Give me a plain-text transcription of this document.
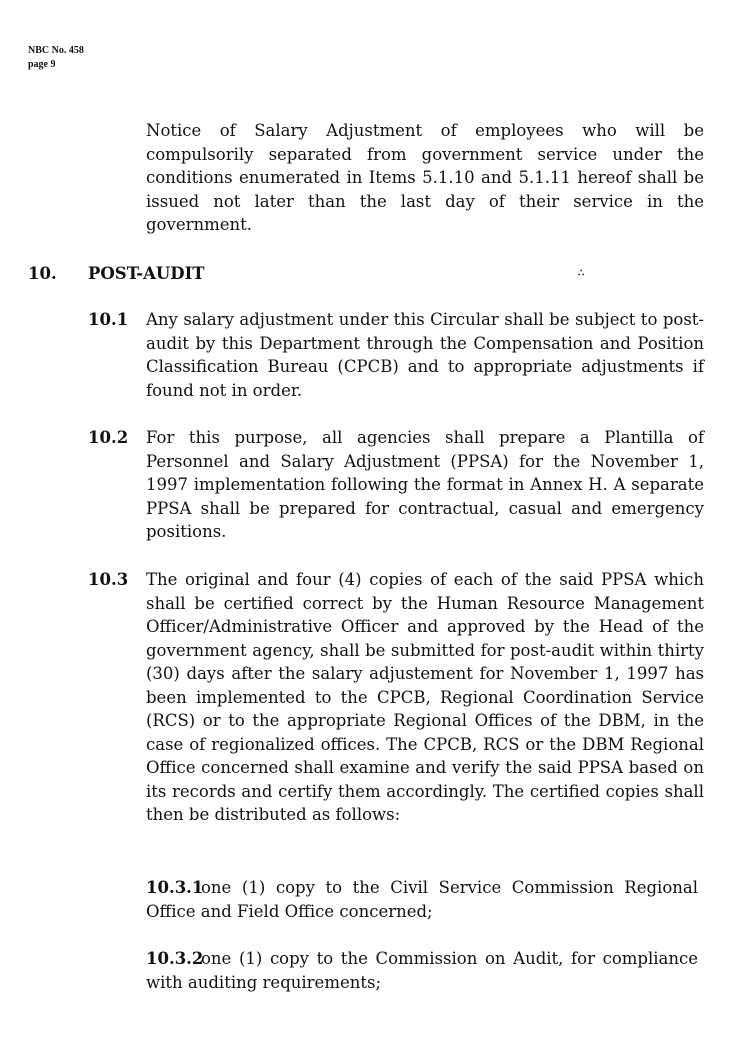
NBC No. 458
page 9
Notice of Salary Adjustment of employees who will be compulsorily separated from government service under the conditions enumerated in Items 5.1.10 and 5.1.11 hereof shall be issued not later than the last day of their service in the government.
10. POST-AUDIT	∴
10.1 Any salary adjustment under this Circular shall be subject to post-audit by this Department through the Compensation and Position Classification Bureau (CPCB) and to appropriate adjustments if found not in order.
10.2 For this purpose, all agencies shall prepare a Plantilla of Personnel and Salary Adjustment (PPSA) for the November 1, 1997 implementation following the format in Annex H. A separate PPSA shall be prepared for contractual, casual and emergency positions.
10.3 The original and four (4) copies of each of the said PPSA which shall be certified correct by the Human Resource Management Officer/Administrative Officer and approved by the Head of the government agency, shall be submitted for post-audit within thirty (30) days after the salary adjustement for November 1, 1997 has been implemented to the CPCB, Regional Coordination Service (RCS) or to the appropriate Regional Offices of the DBM, in the case of regionalized offices. The CPCB, RCS or the DBM Regional Office concerned shall examine and verify the said PPSA based on its records and certify them accordingly. The certified copies shall then be distributed as follows:
10.3.1
one (1) copy to the Civil Service Commission Regional Office and Field Office concerned;
10.3.2
one (1) copy to the Commission on Audit, for compliance with auditing requirements;
